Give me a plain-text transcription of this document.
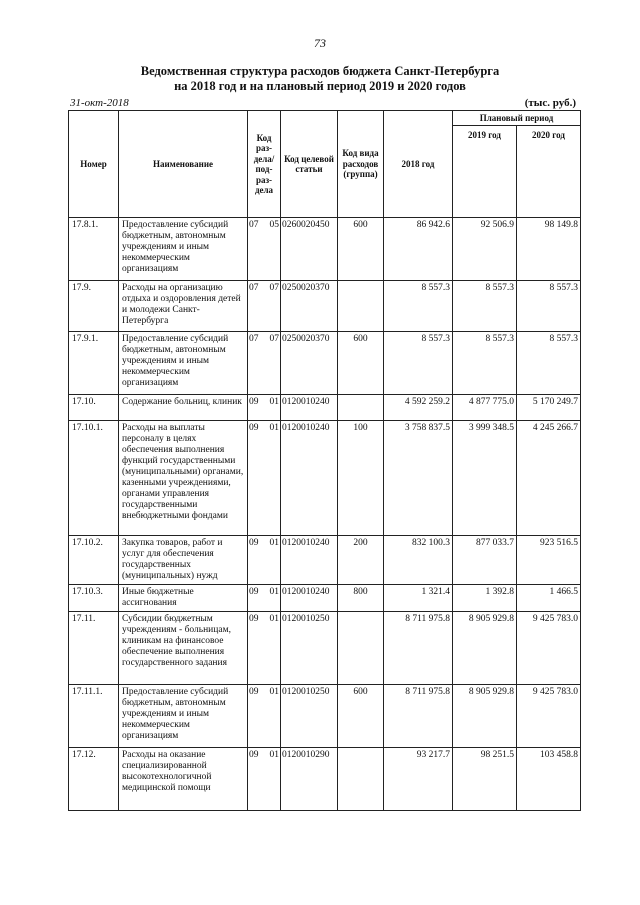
73
Ведомственная структура расходов бюджета Санкт-Петербурга
на 2018 год и на плановый период 2019 и 2020 годов
31-окт-2018	(тыс. руб.)
Номер	Наименование	Код раз- дела/ под- раз- дела	Код целевой статьи	Код вида расходов (группа)	2018 год	Плановый период	
						2019 год	2020 год
17.8.1.	Предоставление субсидий бюджетным, автономным учреждениям и иным некоммерческим организациям	07 05	0260020450	600	86 942.6	92 506.9	98 149.8
17.9.	Расходы на организацию отдыха и оздоровления детей и молодежи Санкт-Петербурга	07 07	0250020370		8 557.3	8 557.3	8 557.3
17.9.1.	Предоставление субсидий бюджетным, автономным учреждениям и иным некоммерческим организациям	07 07	0250020370	600	8 557.3	8 557.3	8 557.3
17.10.	Содержание больниц, клиник	09 01	0120010240		4 592 259.2	4 877 775.0	5 170 249.7
17.10.1.	Расходы на выплаты персоналу в целях обеспечения выполнения функций государственными (муниципальными) органами, казенными учреждениями, органами управления государственными внебюджетными фондами	09 01	0120010240	100	3 758 837.5	3 999 348.5	4 245 266.7
17.10.2.	Закупка товаров, работ и услуг для обеспечения государственных (муниципальных) нужд	09 01	0120010240	200	832 100.3	877 033.7	923 516.5
17.10.3.	Иные бюджетные ассигнования	09 01	0120010240	800	1 321.4	1 392.8	1 466.5
17.11.	Субсидии бюджетным учреждениям - больницам, клиникам на финансовое обеспечение выполнения государственного задания	09 01	0120010250		8 711 975.8	8 905 929.8	9 425 783.0
17.11.1.	Предоставление субсидий бюджетным, автономным учреждениям и иным некоммерческим организациям	09 01	0120010250	600	8 711 975.8	8 905 929.8	9 425 783.0
17.12.	Расходы на оказание специализированной высокотехнологичной медицинской помощи	09 01	0120010290		93 217.7	98 251.5	103 458.8
